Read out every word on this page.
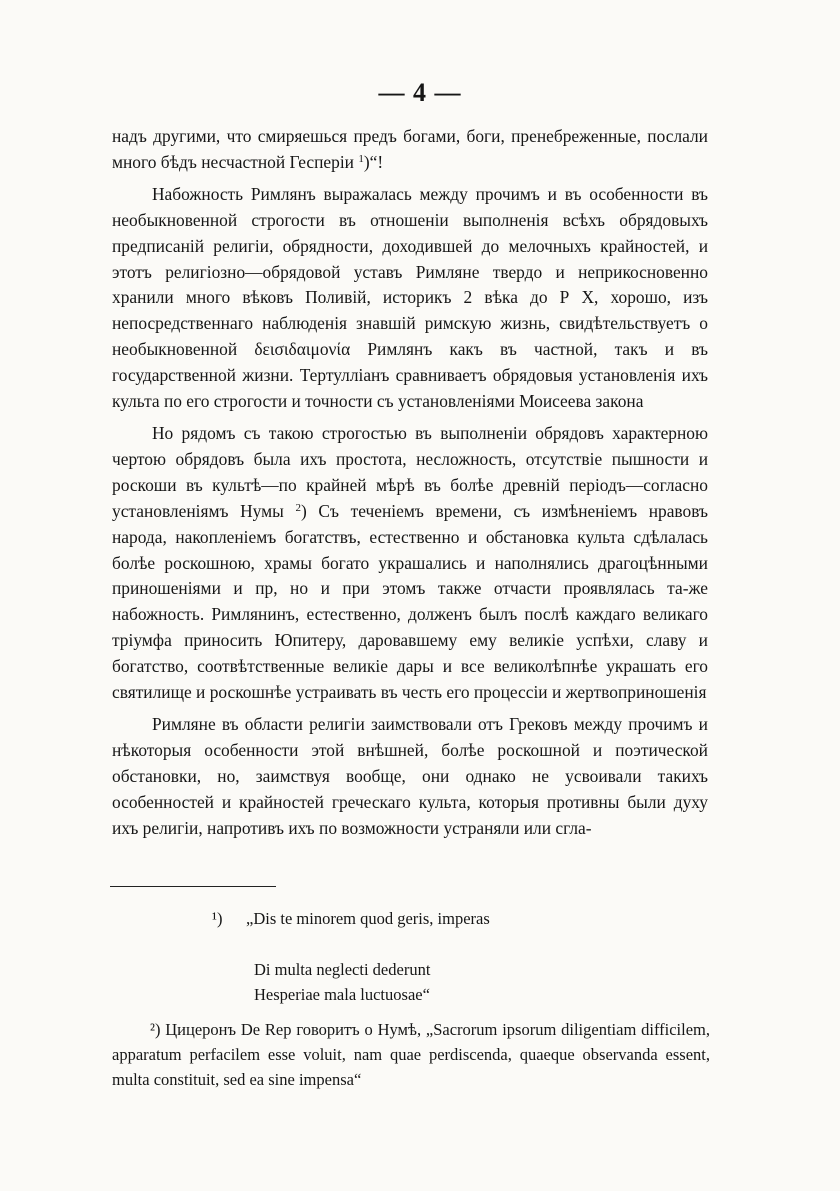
— 4 —

надъ другими, что смиряешься предъ богами, боги, пренебреженные, послали много бѣдъ несчастной Гесперiи $^1$)“!

Набожность Римлянъ выражалась между прочимъ и въ особенности въ необыкновенной строгости въ отношенiи выполненiя всѣхъ обрядовыхъ предписанiй религiи, обрядности, доходившей до мелочныхъ крайностей, и этотъ религiозно—обрядовой уставъ Римляне твердо и неприкосновенно хранили много вѣковъ Поливiй, историкъ 2 вѣка до Р Х, хорошо, изъ непосредственнаго наблюденiя знавшiй римскую жизнь, свидѣтельствуетъ о необыкновенной δεισιδαιμονία Римлянъ какъ въ частной, такъ и въ государственной жизни. Тертуллiанъ сравниваетъ обрядовыя установленiя ихъ культа по его строгости и точности съ установленiями Моисеева закона

Но рядомъ съ такою строгостью въ выполненiи обрядовъ характерною чертою обрядовъ была ихъ простота, несложность, отсутствiе пышности и роскоши въ культѣ—по крайней мѣрѣ въ болѣе древнiй перiодъ—согласно установленiямъ Нумы $^2$) Съ теченiемъ времени, съ измѣненiемъ нравовъ народа, накопленiемъ богатствъ, естественно и обстановка культа сдѣлалась болѣе роскошною, храмы богато украшались и наполнялись драгоцѣнными приношенiями и пр, но и при этомъ также отчасти проявлялась та-же набожность. Римлянинъ, естественно, долженъ былъ послѣ каждаго великаго трiумфа приносить Юпитеру, даровавшему ему великiе успѣхи, славу и богатство, соотвѣтственные великiе дары и все великолѣпнѣе украшать его святилище и роскошнѣе устраивать въ честь его процессiи и жертвоприношенiя

Римляне въ области религiи заимствовали отъ Грековъ между прочимъ и нѣкоторыя особенности этой внѣшней, болѣе роскошной и поэтической обстановки, но, заимствуя вообще, они однако не усвоивали такихъ особенностей и крайностей греческаго культа, которыя противны были духу ихъ религiи, напротивъ ихъ по возможности устраняли или сгла-

¹) „Dis te minorem quod geris, imperas
Di multa neglecti dederunt
Hesperiae mala luctuosae“
²) Цицеронъ De Rep говоритъ о Нумѣ, „Sacrorum ipsorum diligentiam difficilem, apparatum perfacilem esse voluit, nam quae perdiscenda, quaeque observanda essent, multa constituit, sed ea sine impensa“
